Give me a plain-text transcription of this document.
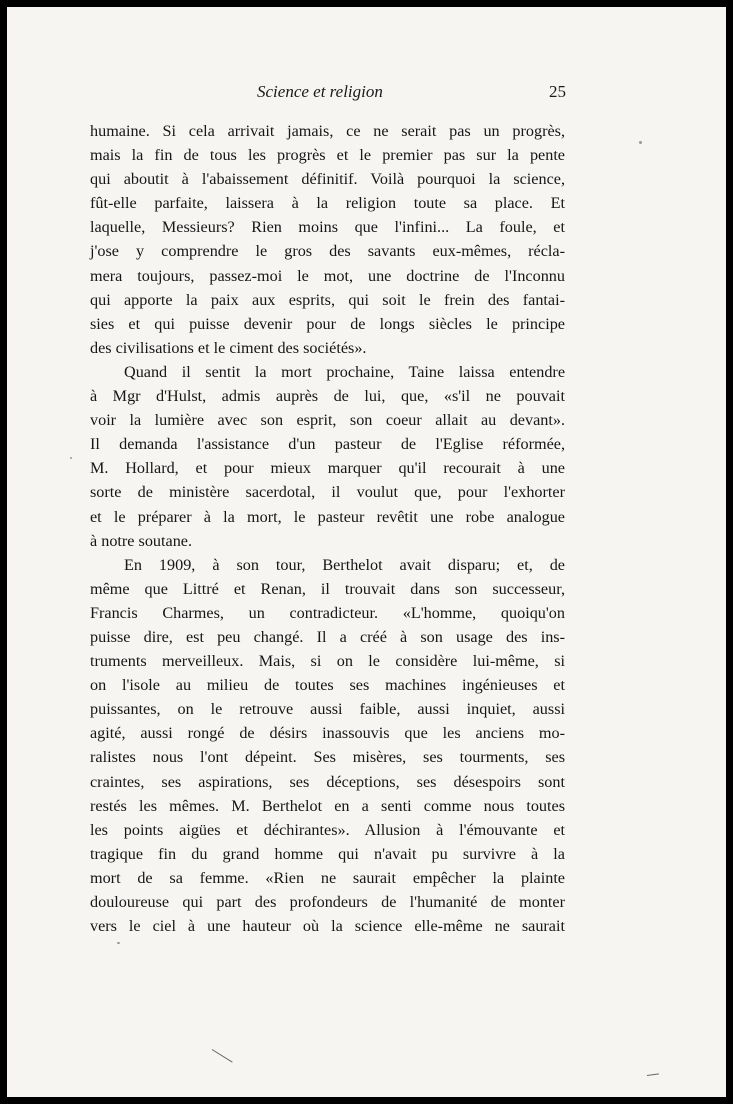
Science et religion	25
humaine. Si cela arrivait jamais, ce ne serait pas un progrès,
mais la fin de tous les progrès et le premier pas sur la pente
qui aboutit à l'abaissement définitif. Voilà pourquoi la science,
fût-elle parfaite, laissera à la religion toute sa place. Et
laquelle, Messieurs? Rien moins que l'infini... La foule, et
j'ose y comprendre le gros des savants eux-mêmes, récla-
mera toujours, passez-moi le mot, une doctrine de l'Inconnu
qui apporte la paix aux esprits, qui soit le frein des fantai-
sies et qui puisse devenir pour de longs siècles le principe
des civilisations et le ciment des sociétés».
Quand il sentit la mort prochaine, Taine laissa entendre
à Mgr d'Hulst, admis auprès de lui, que, «s'il ne pouvait
voir la lumière avec son esprit, son coeur allait au devant».
Il demanda l'assistance d'un pasteur de l'Eglise réformée,
M. Hollard, et pour mieux marquer qu'il recourait à une
sorte de ministère sacerdotal, il voulut que, pour l'exhorter
et le préparer à la mort, le pasteur revêtit une robe analogue
à notre soutane.
En 1909, à son tour, Berthelot avait disparu; et, de
même que Littré et Renan, il trouvait dans son successeur,
Francis Charmes, un contradicteur. «L'homme, quoiqu'on
puisse dire, est peu changé. Il a créé à son usage des ins-
truments merveilleux. Mais, si on le considère lui-même, si
on l'isole au milieu de toutes ses machines ingénieuses et
puissantes, on le retrouve aussi faible, aussi inquiet, aussi
agité, aussi rongé de désirs inassouvis que les anciens mo-
ralistes nous l'ont dépeint. Ses misères, ses tourments, ses
craintes, ses aspirations, ses déceptions, ses désespoirs sont
restés les mêmes. M. Berthelot en a senti comme nous toutes
les points aigües et déchirantes». Allusion à l'émouvante et
tragique fin du grand homme qui n'avait pu survivre à la
mort de sa femme. «Rien ne saurait empêcher la plainte
douloureuse qui part des profondeurs de l'humanité de monter
vers le ciel à une hauteur où la science elle-même ne saurait
